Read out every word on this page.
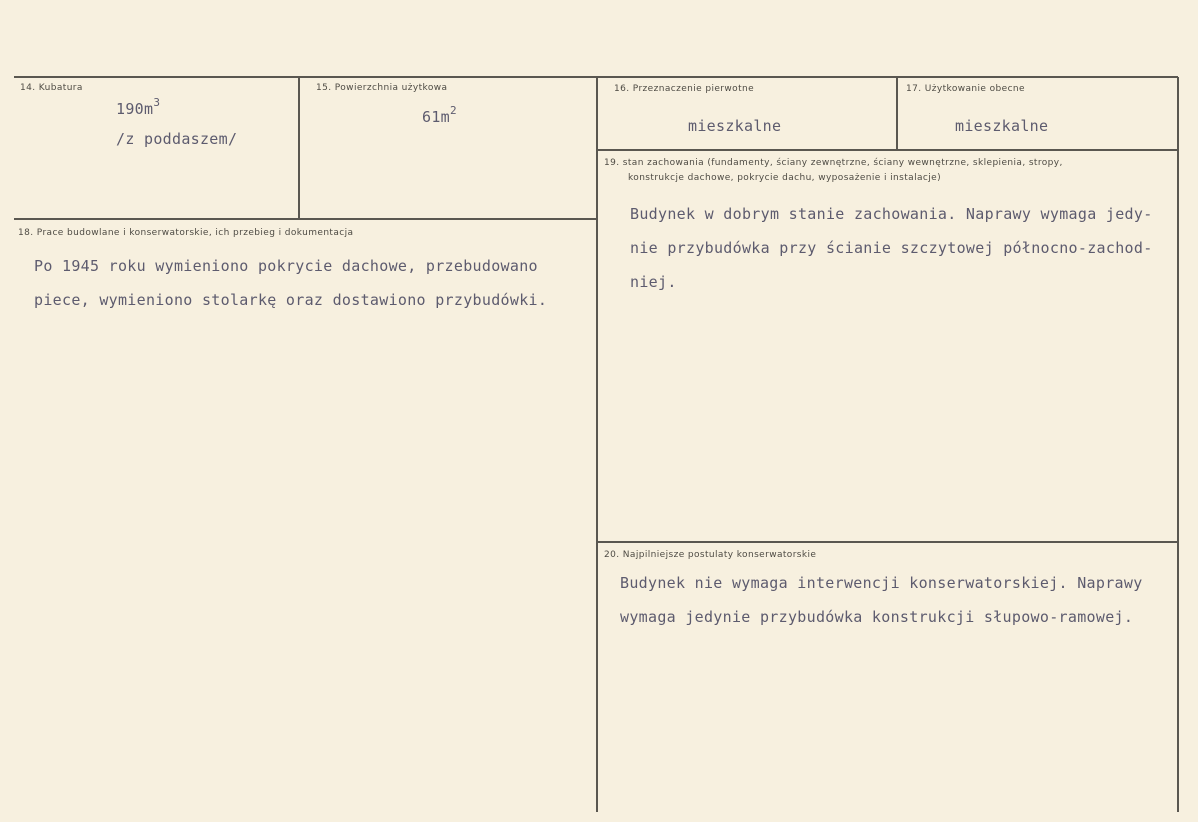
14. Kubatura
$190m^3$
/z poddaszem/
15. Powierzchnia użytkowa
$61m^2$
16. Przeznaczenie pierwotne
mieszkalne
17. Użytkowanie obecne
mieszkalne
19. stan zachowania (fundamenty, ściany zewnętrzne, ściany wewnętrzne, sklepienia, stropy,
konstrukcje dachowe, pokrycie dachu, wyposażenie i instalacje)
Budynek w dobrym stanie zachowania. Naprawy wymaga jedy-
nie przybudówka przy ścianie szczytowej północno-zachod-
niej.
18. Prace budowlane i konserwatorskie, ich przebieg i dokumentacja
Po 1945 roku wymieniono pokrycie dachowe, przebudowano
piece, wymieniono stolarkę oraz dostawiono przybudówki.
20. Najpilniejsze postulaty konserwatorskie
Budynek nie wymaga interwencji konserwatorskiej. Naprawy
wymaga jedynie przybudówka konstrukcji słupowo-ramowej.
